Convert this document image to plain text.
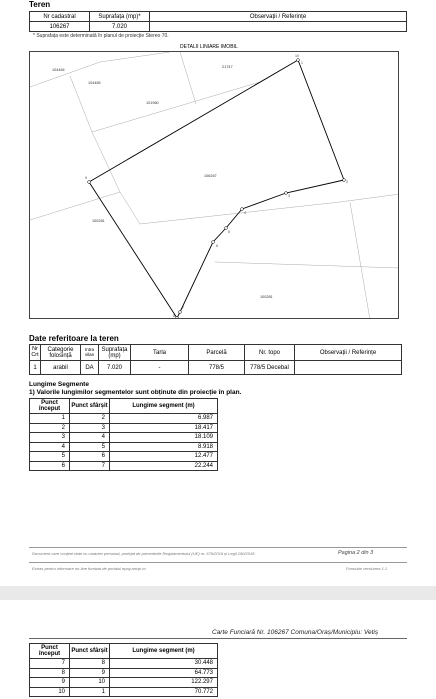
Teren
Nr cadastral	Suprafața (mp)*	Observații / Referințe
106267	7.020	
* Suprafața este determinată în planul de proiecție Stereo 70.
DETALII LINIARE IMOBIL
1
2
3
4
5
6
7
8
9
10
106267
104464
104465
21747
101960
100281
100281
Date referitoare la teren
Nr Crt	Categorie folosință	Intra vilan	Suprafața (mp)	Tarla	Parcelă	Nr. topo	Observații / Referințe
1	arabil	DA	7.020	-	778/5	778/5 Decebal	
Lungime Segmente
1) Valorile lungimilor segmentelor sunt obținute din proiecție în plan.
Punct început	Punct sfârșit	Lungime segment (m)
1	2	6.987
2	3	18.417
3	4	18.109
4	5	8.918
5	6	12.477
6	7	22.244
Document care conține date cu caracter personal, protejat de prevederile Regulamentului (UE) nr. 679/2016 și Legii 190/2018	Pagina 2 din 3
Extras pentru informare on-line furnizat de portalul epay.ancpi.ro	Formular versiunea 1.1
Carte Funciară Nr. 106267 Comuna/Oraș/Municipiu: Vetiș
Punct început	Punct sfârșit	Lungime segment (m)
7	8	30.448
8	9	64.773
9	10	122.297
10	1	70.772
